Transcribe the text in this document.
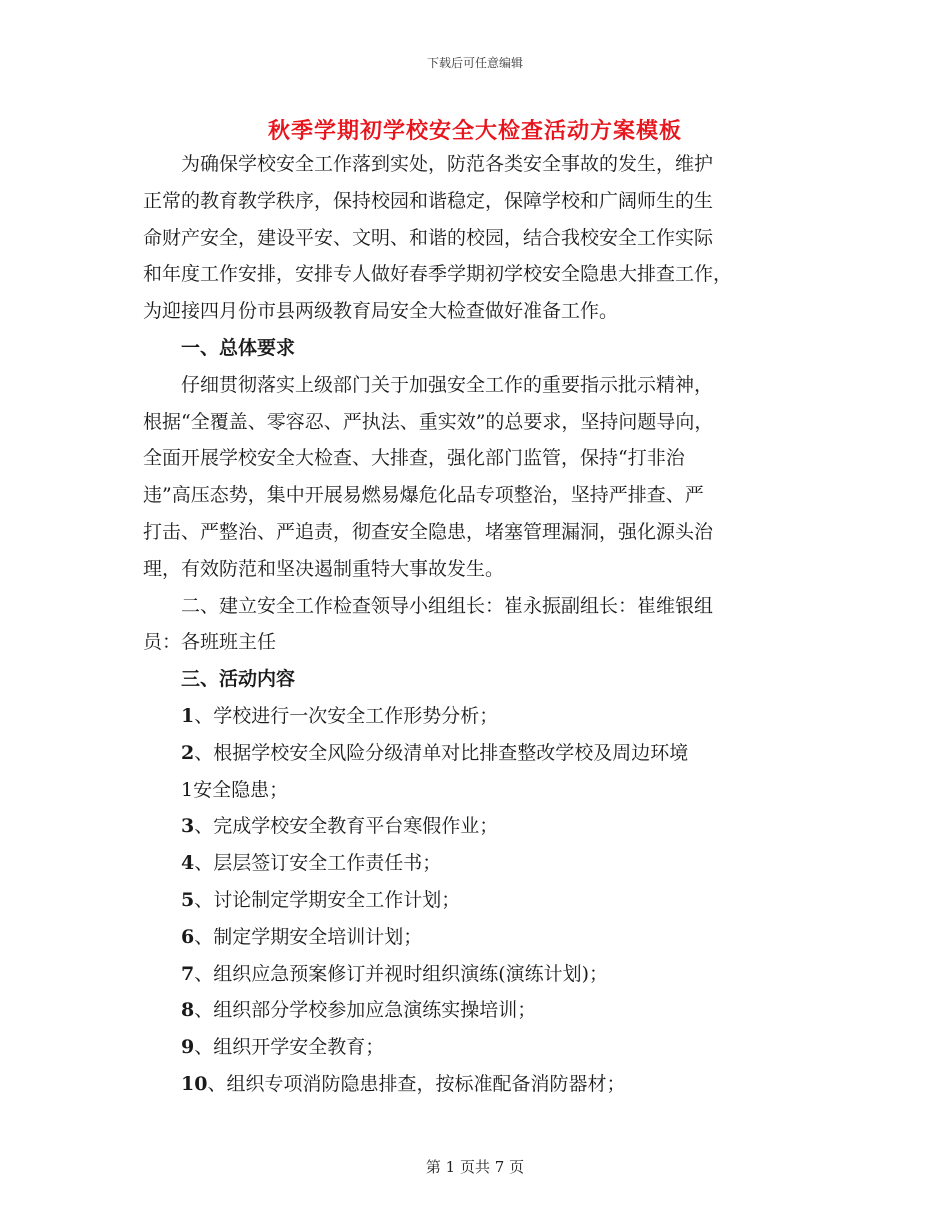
下载后可任意编辑
秋季学期初学校安全大检查活动方案模板

为确保学校安全工作落到实处，防范各类安全事故的发生，维护
正常的教育教学秩序，保持校园和谐稳定，保障学校和广阔师生的生
命财产安全，建设平安、文明、和谐的校园，结合我校安全工作实际
和年度工作安排，安排专人做好春季学期初学校安全隐患大排查工作，
为迎接四月份市县两级教育局安全大检查做好准备工作。

一、总体要求

仔细贯彻落实上级部门关于加强安全工作的重要指示批示精神，
根据“全覆盖、零容忍、严执法、重实效”的总要求，坚持问题导向，
全面开展学校安全大检查、大排查，强化部门监管，保持“打非治
违”高压态势，集中开展易燃易爆危化品专项整治，坚持严排查、严
打击、严整治、严追责，彻查安全隐患，堵塞管理漏洞，强化源头治
理，有效防范和坚决遏制重特大事故发生。

二、建立安全工作检查领导小组组长：崔永振副组长：崔维银组
员：各班班主任

三、活动内容

1、学校进行一次安全工作形势分析；

2、根据学校安全风险分级清单对比排查整改学校及周边环境

1安全隐患；

3、完成学校安全教育平台寒假作业；

4、层层签订安全工作责任书；

5、讨论制定学期安全工作计划；

6、制定学期安全培训计划；

7、组织应急预案修订并视时组织演练(演练计划)；

8、组织部分学校参加应急演练实操培训；

9、组织开学安全教育；

10、组织专项消防隐患排查，按标准配备消防器材；

第 1 页共 7 页
